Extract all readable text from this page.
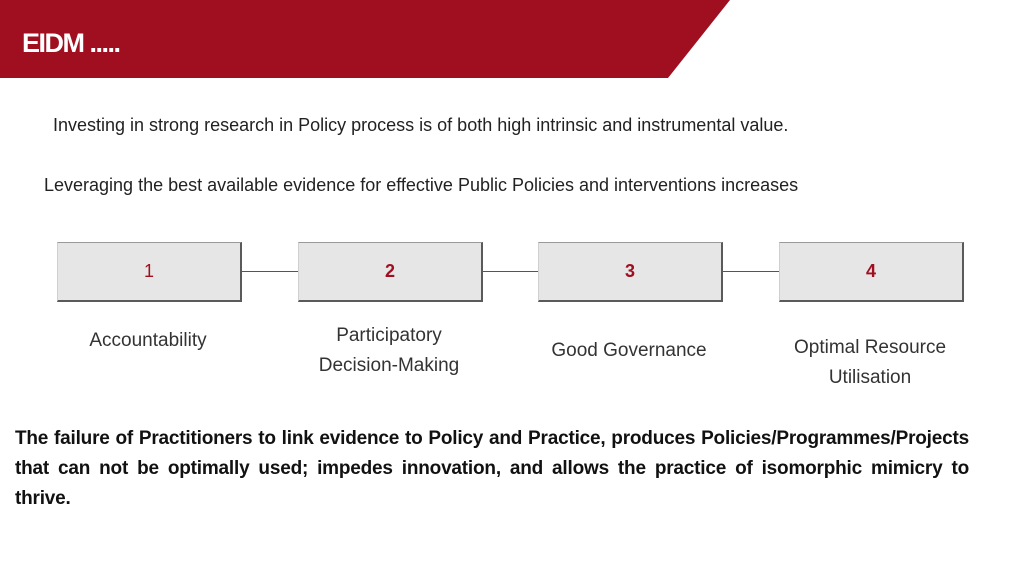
EIDM .....
Investing in strong research in Policy process is of both high intrinsic and instrumental value.
Leveraging the best available evidence for effective Public Policies and interventions increases
1	2	3	4
Accountability	Participatory
Decision-Making
Good Governance	Optimal Resource
Utilisation
The failure of Practitioners to link evidence to Policy and Practice, produces Policies/Programmes/Projects that can not be optimally used; impedes innovation, and allows the practice of isomorphic mimicry to thrive.
